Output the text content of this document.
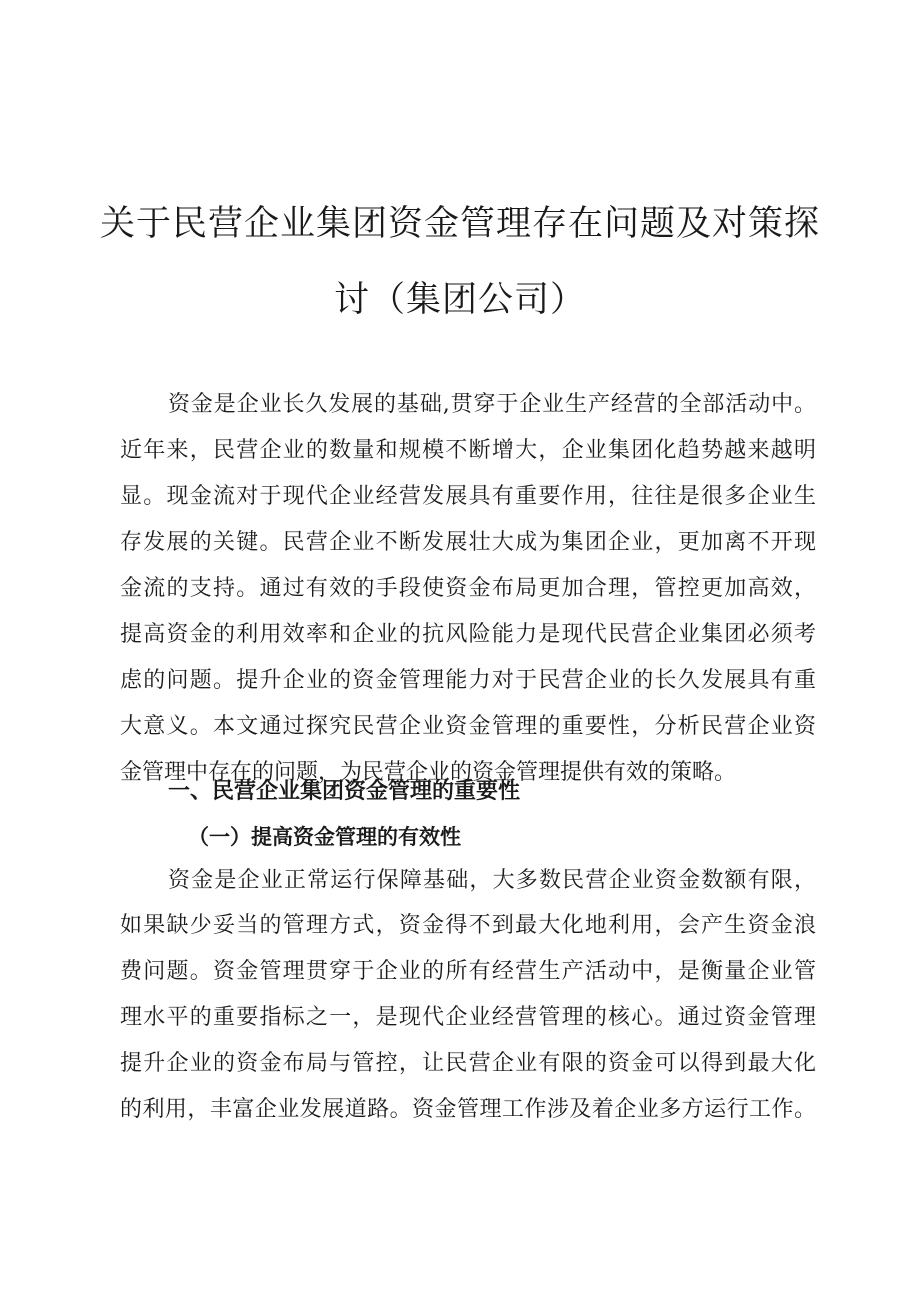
关于民营企业集团资金管理存在问题及对策探
讨（集团公司）

资金是企业长久发展的基础,贯穿于企业生产经营的全部活动中。

近年来，民营企业的数量和规模不断增大，企业集团化趋势越来越明

显。现金流对于现代企业经营发展具有重要作用，往往是很多企业生

存发展的关键。民营企业不断发展壮大成为集团企业，更加离不开现

金流的支持。通过有效的手段使资金布局更加合理，管控更加高效，

提高资金的利用效率和企业的抗风险能力是现代民营企业集团必须考

虑的问题。提升企业的资金管理能力对于民营企业的长久发展具有重

大意义。本文通过探究民营企业资金管理的重要性，分析民营企业资

金管理中存在的问题，为民营企业的资金管理提供有效的策略。

一、民营企业集团资金管理的重要性
（一）提高资金管理的有效性

资金是企业正常运行保障基础，大多数民营企业资金数额有限，

如果缺少妥当的管理方式，资金得不到最大化地利用，会产生资金浪

费问题。资金管理贯穿于企业的所有经营生产活动中，是衡量企业管

理水平的重要指标之一，是现代企业经营管理的核心。通过资金管理

提升企业的资金布局与管控，让民营企业有限的资金可以得到最大化

的利用，丰富企业发展道路。资金管理工作涉及着企业多方运行工作。
